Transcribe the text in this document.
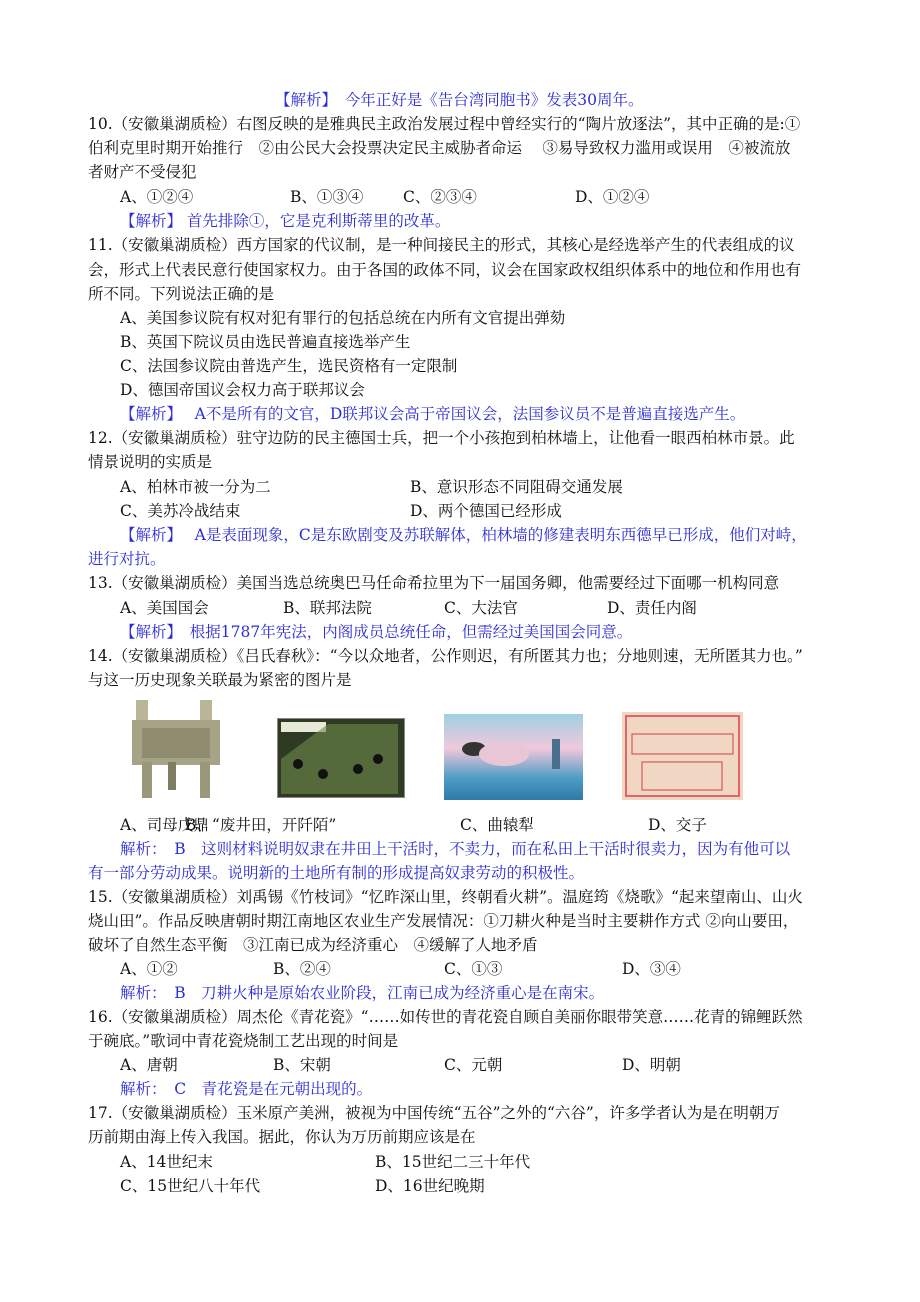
【解析】　今年正好是《告台湾同胞书》发表30周年。
10.（安徽巢湖质检）右图反映的是雅典民主政治发展过程中曾经实行的“陶片放逐法”，其中正确的是:①
伯利克里时期开始推行　②由公民大会投票决定民主威胁者命运　 ③易导致权力滥用或误用　④被流放
者财产不受侵犯
A、①②④	B、①③④	C、②③④	D、①②④
【解析】 首先排除①，它是克利斯蒂里的改革。
11.（安徽巢湖质检）西方国家的代议制，是一种间接民主的形式，其核心是经选举产生的代表组成的议
会，形式上代表民意行使国家权力。由于各国的政体不同，议会在国家政权组织体系中的地位和作用也有
所不同。下列说法正确的是
A、美国参议院有权对犯有罪行的包括总统在内所有文官提出弹劾
B、英国下院议员由选民普遍直接选举产生
C、法国参议院由普选产生，选民资格有一定限制
D、德国帝国议会权力高于联邦议会
【解析】　 A不是所有的文官，D联邦议会高于帝国议会，法国参议员不是普遍直接选产生。
12.（安徽巢湖质检）驻守边防的民主德国士兵，把一个小孩抱到柏林墙上，让他看一眼西柏林市景。此
情景说明的实质是
A、柏林市被一分为二	B、意识形态不同阻碍交通发展
C、美苏冷战结束	D、两个德国已经形成
【解析】　 A是表面现象，C是东欧剧变及苏联解体，柏林墙的修建表明东西德早已形成，他们对峙，
进行对抗。
13.（安徽巢湖质检）美国当选总统奥巴马任命希拉里为下一届国务卿，他需要经过下面哪一机构同意
A、美国国会	B、联邦法院	C、大法官	D、责任内阁
【解析】　根据1787年宪法，内阁成员总统任命，但需经过美国国会同意。
14.（安徽巢湖质检）《吕氏春秋》：“今以众地者，公作则迟，有所匿其力也；分地则速，无所匿其力也。”
与这一历史现象关联最为紧密的图片是
A、司母戊鼎
B、“废井田，开阡陌”	C、曲辕犁	D、交子
解析：　B　这则材料说明奴隶在井田上干活时，不卖力，而在私田上干活时很卖力，因为有他可以
有一部分劳动成果。说明新的土地所有制的形成提高奴隶劳动的积极性。
15.（安徽巢湖质检）刘禹锡《竹枝词》“忆昨深山里，终朝看火耕”。温庭筠《烧歌》“起来望南山、山火
烧山田”。作品反映唐朝时期江南地区农业生产发展情况：①刀耕火种是当时主要耕作方式 ②向山要田，
破坏了自然生态平衡　③江南已成为经济重心　④缓解了人地矛盾
A、①②	B、②④	C、①③	D、③④
解析：　B　刀耕火种是原始农业阶段，江南已成为经济重心是在南宋。
16.（安徽巢湖质检）周杰伦《青花瓷》“……如传世的青花瓷自顾自美丽你眼带笑意……花青的锦鲤跃然
于碗底。”歌词中青花瓷烧制工艺出现的时间是
A、唐朝	B、宋朝	C、元朝	D、明朝
解析：　C　青花瓷是在元朝出现的。
17.（安徽巢湖质检）玉米原产美洲，被视为中国传统“五谷”之外的“六谷”，许多学者认为是在明朝万
历前期由海上传入我国。据此，你认为万历前期应该是在
A、14世纪末	B、15世纪二三十年代
C、15世纪八十年代	D、16世纪晚期
